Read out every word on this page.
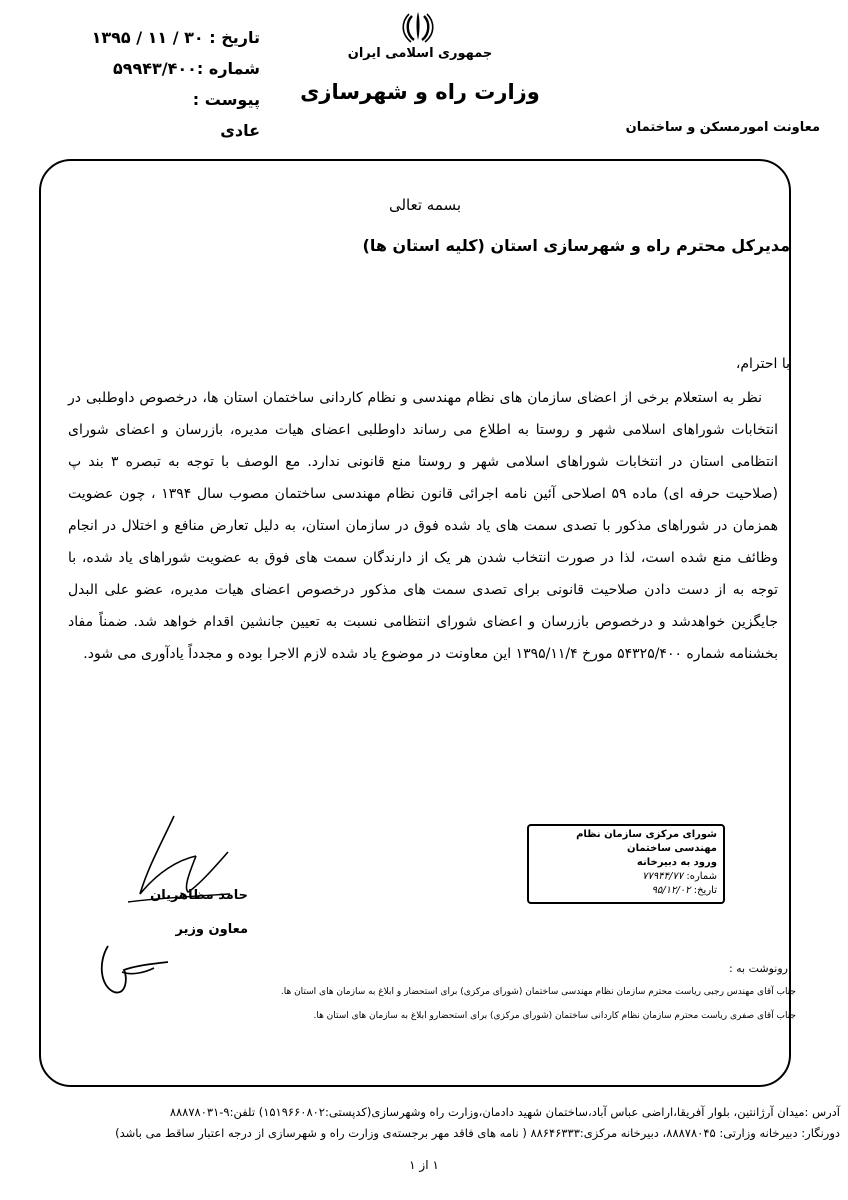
تاریخ : ۳۰ / ۱۱ / ۱۳۹۵
شماره :۵۹۹۴۳/۴۰۰
پیوست :
عادی
جمهوری اسلامی ایران
وزارت راه و شهرسازی
معاونت امورمسکن و ساختمان
بسمه تعالی
مدیرکل محترم راه و شهرسازی استان (کلیه استان ها)
با احترام،

نظر به استعلام برخی از اعضای سازمان های نظام مهندسی و نظام کاردانی ساختمان استان ها، درخصوص داوطلبی در انتخابات شوراهای اسلامی شهر و روستا به اطلاع می رساند داوطلبی اعضای هیات مدیره، بازرسان و اعضای شورای انتظامی استان در انتخابات شوراهای اسلامی شهر و روستا منع قانونی ندارد. مع الوصف با توجه به تبصره ۳ بند پ (صلاحیت حرفه ای) ماده ۵۹ اصلاحی آئین نامه اجرائی قانون نظام مهندسی ساختمان مصوب سال ۱۳۹۴ ، چون عضویت همزمان در شوراهای مذکور با تصدی سمت های یاد شده فوق در سازمان استان، به دلیل تعارض منافع و اختلال در انجام وظائف منع شده است، لذا در صورت انتخاب شدن هر یک از دارندگان سمت های فوق به عضویت شوراهای یاد شده، با توجه به از دست دادن صلاحیت قانونی برای تصدی سمت های مذکور درخصوص اعضای هیات مدیره، عضو علی البدل جایگزین خواهدشد و درخصوص بازرسان و اعضای شورای انتظامی نسبت به تعیین جانشین اقدام خواهد شد. ضمناً مفاد بخشنامه شماره ۵۴۳۲۵/۴۰۰ مورخ ۱۳۹۵/۱۱/۴ این معاونت در موضوع یاد شده لازم الاجرا بوده و مجدداً یادآوری می شود.

حامد مظاهریان
معاون وزیر
شورای مرکزی سازمان نظام مهندسی ساختمان
ورود به دبیرخانه
شماره: ۷۷۹۴۴/۷۷
تاریخ: ۹۵/۱۲/۰۲
رونوشت به :
جناب آقای مهندس رجبی ریاست محترم سازمان نظام مهندسی ساختمان (شورای مرکزی) برای استحضار و ابلاغ به سازمان های استان ها.
جناب آقای صفری ریاست محترم سازمان نظام کاردانی ساختمان (شورای مرکزی) برای استحضارو ابلاغ به سازمان های استان ها.
آدرس :میدان آرژانتین، بلوار آفریقا،اراضی عباس آباد،ساختمان شهید دادمان،وزارت راه وشهرسازی(کدپستی:۱۵۱۹۶۶۰۸۰۲) تلفن:۹-۸۸۸۷۸۰۳۱
دورنگار: دبیرخانه وزارتی: ۸۸۸۷۸۰۴۵، دبیرخانه مرکزی:۸۸۶۴۶۳۳۳ ( نامه های فاقد مهر برجسته‌ی وزارت راه و شهرسازی از درجه اعتبار ساقط می باشد)
۱ از ۱
